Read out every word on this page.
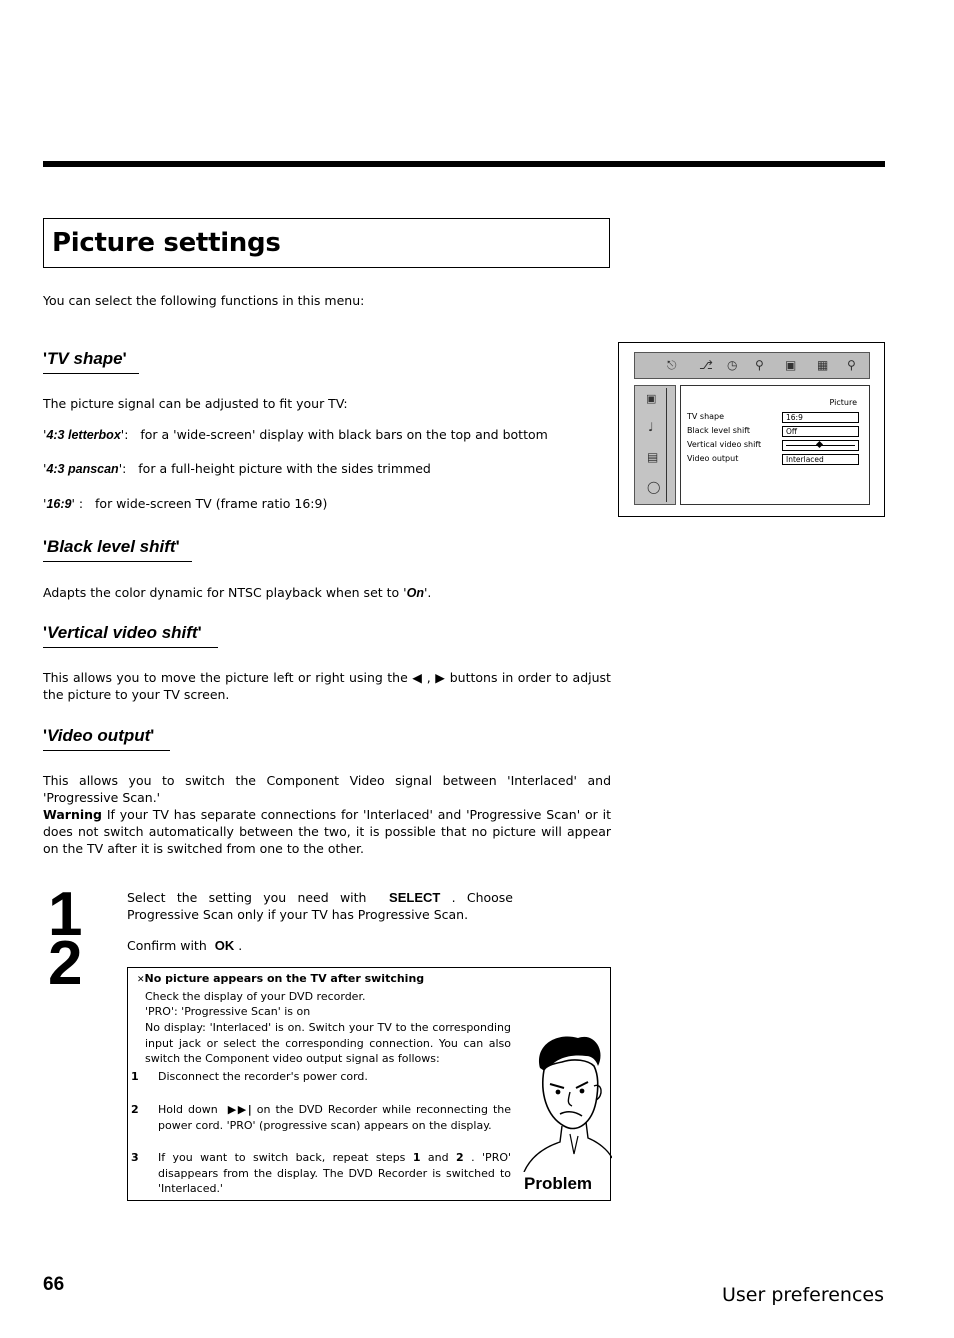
Picture settings
You can select the following functions in this menu:
'TV shape'
The picture signal can be adjusted to fit your TV:
'4:3 letterbox':   for a 'wide-screen' display with black bars on the top and bottom
'4:3 panscan':   for a full-height picture with the sides trimmed
'16:9' :   for wide-screen TV (frame ratio 16:9)
'Black level shift'
Adapts the color dynamic for NTSC playback when set to 'On'.
'Vertical video shift'
This allows you to move the picture left or right using the ◀ , ▶ buttons in order to adjust the picture to your TV screen.
'Video output'
This allows you to switch the Component Video signal between 'Interlaced' and 'Progressive Scan.'
Warning If your TV has separate connections for 'Interlaced' and 'Progressive Scan' or it does not switch automatically between the two, it is possible that no picture will appear on the TV after it is switched from one to the other.
1
2
Select the setting you need with SELECT . Choose Progressive Scan only if your TV has Progressive Scan.
Confirm with OK .
✕No picture appears on the TV after switching
Check the display of your DVD recorder.
'PRO': 'Progressive Scan' is on
No display: 'Interlaced' is on. Switch your TV to the corresponding input jack or select the corresponding connection. You can also switch the Component video output signal as follows:
1 Disconnect the recorder's power cord.
2 Hold down ▶▶| on the DVD Recorder while reconnecting the power cord. 'PRO' (progressive scan) appears on the display.
3 If you want to switch back, repeat steps 1 and 2 . 'PRO' disappears from the display. The DVD Recorder is switched to 'Interlaced.'	Problem
⎋ ⎇ ◷ ⚲ ▣ ▦ ⚲
▣
♩
▤
◯
Picture
TV shape	16:9
Black level shift	Off
Vertical video shift
Video output	Interlaced
66	User preferences
